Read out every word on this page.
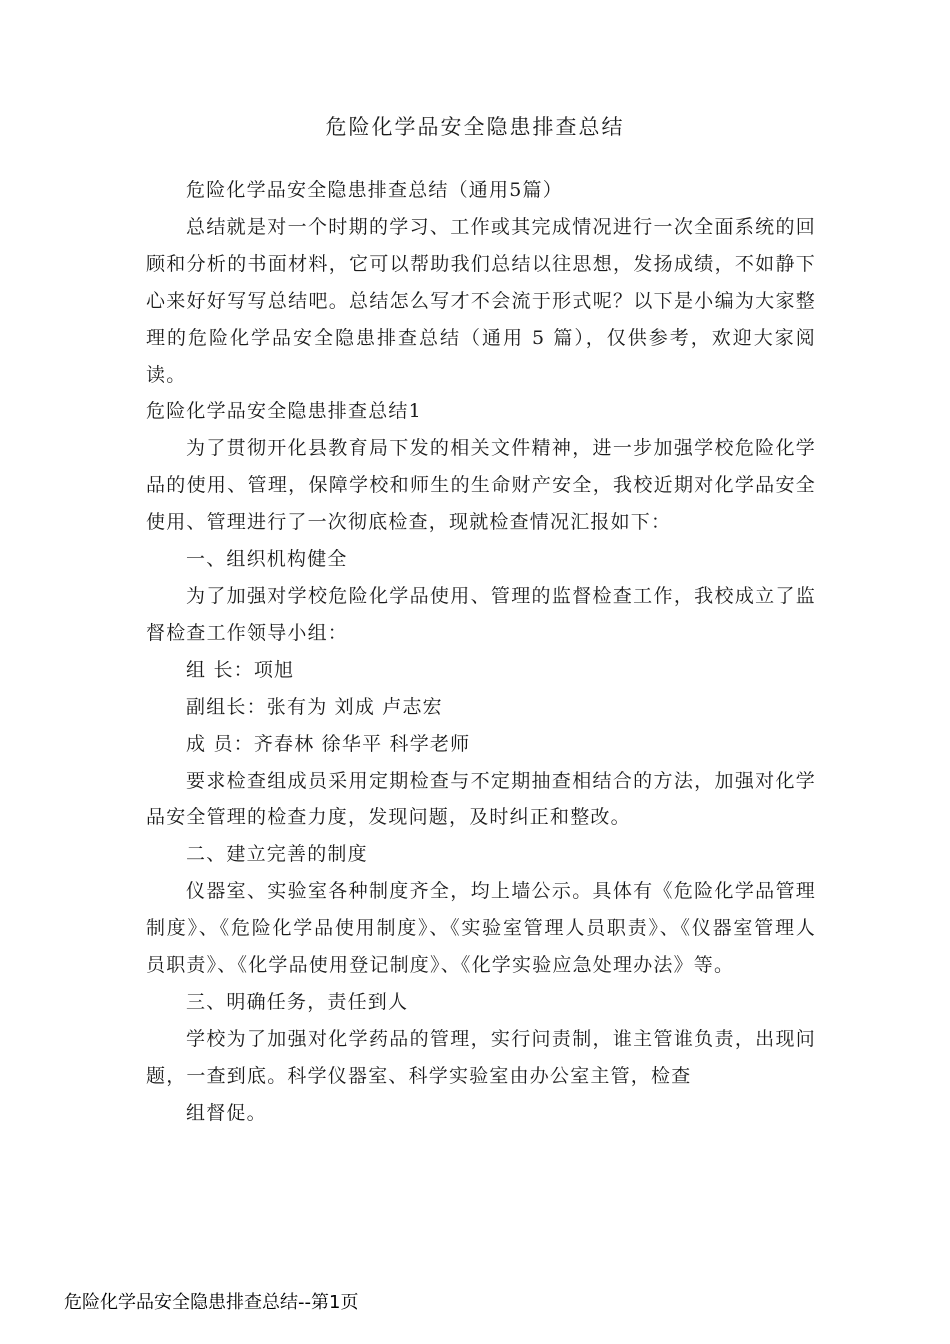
危险化学品安全隐患排查总结

危险化学品安全隐患排查总结（通用5篇）

总结就是对一个时期的学习、工作或其完成情况进行一次全面系统的回顾和分析的书面材料，它可以帮助我们总结以往思想，发扬成绩，不如静下心来好好写写总结吧。总结怎么写才不会流于形式呢？以下是小编为大家整理的危险化学品安全隐患排查总结（通用 5 篇），仅供参考，欢迎大家阅读。

危险化学品安全隐患排查总结1

为了贯彻开化县教育局下发的相关文件精神，进一步加强学校危险化学品的使用、管理，保障学校和师生的生命财产安全，我校近期对化学品安全使用、管理进行了一次彻底检查，现就检查情况汇报如下：

一、组织机构健全

为了加强对学校危险化学品使用、管理的监督检查工作，我校成立了监督检查工作领导小组：

组 长：项旭

副组长：张有为 刘成 卢志宏

成 员：齐春林 徐华平 科学老师

要求检查组成员采用定期检查与不定期抽查相结合的方法，加强对化学品安全管理的检查力度，发现问题，及时纠正和整改。

二、建立完善的制度

仪器室、实验室各种制度齐全，均上墙公示。具体有《危险化学品管理制度》、《危险化学品使用制度》、《实验室管理人员职责》、《仪器室管理人员职责》、《化学品使用登记制度》、《化学实验应急处理办法》等。

三、明确任务，责任到人

学校为了加强对化学药品的管理，实行问责制，谁主管谁负责，出现问题，一查到底。科学仪器室、科学实验室由办公室主管，检查

组督促。

危险化学品安全隐患排查总结--第1页
